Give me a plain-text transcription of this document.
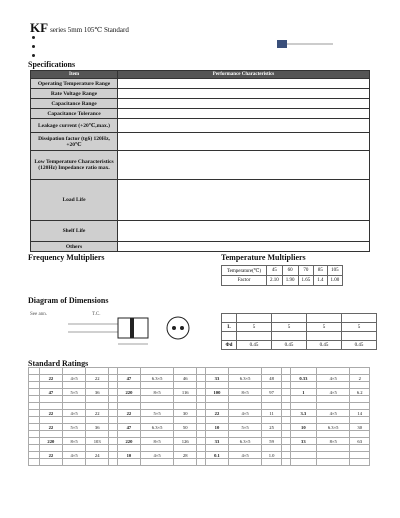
KF series 5mm 105℃ Standard
Specifications
Item	Performance Characteristics
Operating Temperature Range	
Rate Voltage Range	
Capacitance Range	
Capacitance Tolerance	
Leakage current (+20℃,max.)	
Dissipation factor (tgδ) 120Hz, +20℃	
Low Temperature Characteristics (120Hz) Impedance ratio max.	
Load Life	
Shelf Life	
Others	
Frequency Multipliers	Temperature Multipliers
Temperature(℃)	45	60	70	85	105
Factor	2.10	1.90	1.65	1.4	1.00
Diagram of Dimensions
See ann.	T.C.

L	5	5	5	5

Φd	0.45	0.45	0.45	0.45
Standard Ratings

	22	4×5	22		47	6.3×5	46		33	6.3×5	48		0.33	4×5	2

	47	5×5	36		220	8×5	116		100	8×5	97		1	4×5	6.2

	22	4×5	22		22	5×5	30		22	4×5	11		3.3	4×5	14

	22	5×5	36		47	6.3×5	50		10	5×5	25		10	6.3×5	30

	220	8×5	103		220	8×5	126		33	6.3×5	59		33	8×5	63

	22	4×5	24		10	4×5	28		0.1	4×5	1.0				
